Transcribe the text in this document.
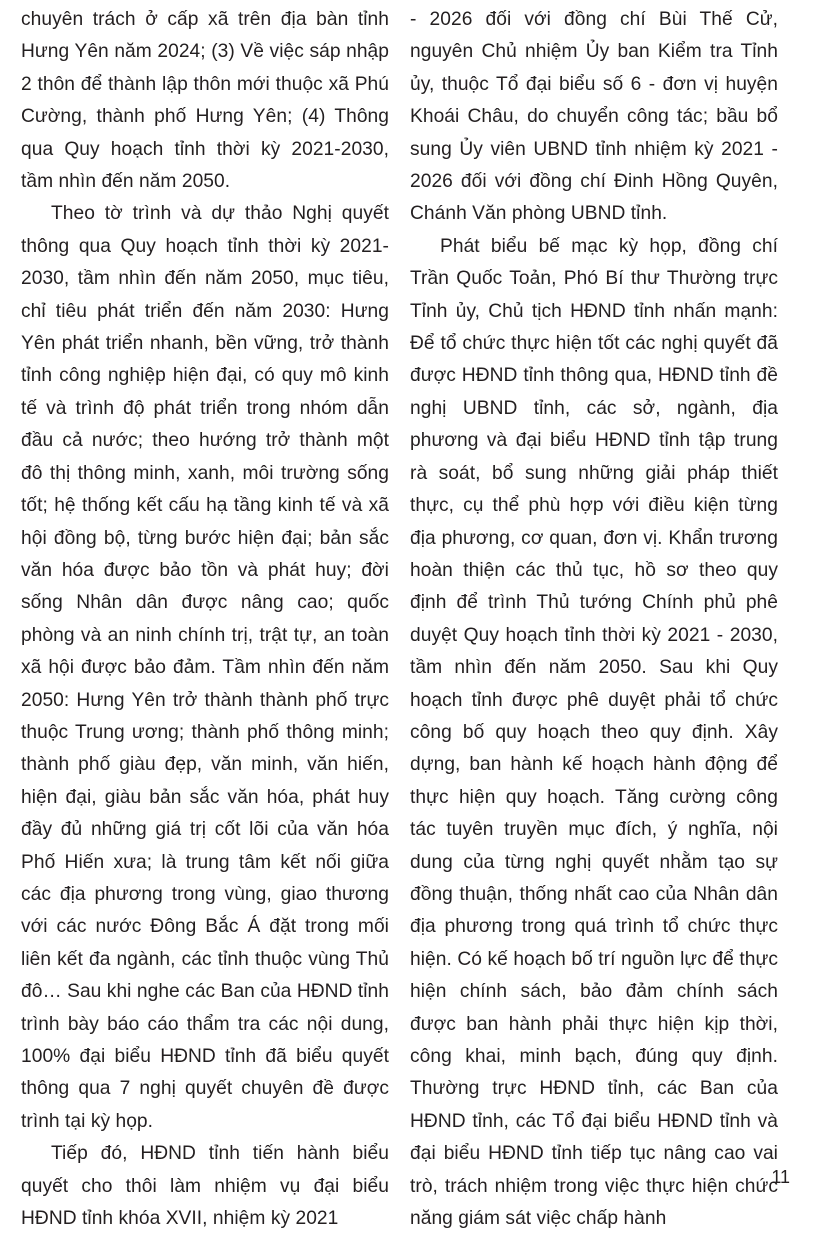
chuyên trách ở cấp xã trên địa bàn tỉnh Hưng Yên năm 2024; (3) Về việc sáp nhập 2 thôn để thành lập thôn mới thuộc xã Phú Cường, thành phố Hưng Yên; (4) Thông qua Quy hoạch tỉnh thời kỳ 2021-2030, tầm nhìn đến năm 2050.

Theo tờ trình và dự thảo Nghị quyết thông qua Quy hoạch tỉnh thời kỳ 2021-2030, tầm nhìn đến năm 2050, mục tiêu, chỉ tiêu phát triển đến năm 2030: Hưng Yên phát triển nhanh, bền vững, trở thành tỉnh công nghiệp hiện đại, có quy mô kinh tế và trình độ phát triển trong nhóm dẫn đầu cả nước; theo hướng trở thành một đô thị thông minh, xanh, môi trường sống tốt; hệ thống kết cấu hạ tầng kinh tế và xã hội đồng bộ, từng bước hiện đại; bản sắc văn hóa được bảo tồn và phát huy; đời sống Nhân dân được nâng cao; quốc phòng và an ninh chính trị, trật tự, an toàn xã hội được bảo đảm. Tầm nhìn đến năm 2050: Hưng Yên trở thành thành phố trực thuộc Trung ương; thành phố thông minh; thành phố giàu đẹp, văn minh, văn hiến, hiện đại, giàu bản sắc văn hóa, phát huy đầy đủ những giá trị cốt lõi của văn hóa Phố Hiến xưa; là trung tâm kết nối giữa các địa phương trong vùng, giao thương với các nước Đông Bắc Á đặt trong mối liên kết đa ngành, các tỉnh thuộc vùng Thủ đô… Sau khi nghe các Ban của HĐND tỉnh trình bày báo cáo thẩm tra các nội dung, 100% đại biểu HĐND tỉnh đã biểu quyết thông qua 7 nghị quyết chuyên đề được trình tại kỳ họp.

Tiếp đó, HĐND tỉnh tiến hành biểu quyết cho thôi làm nhiệm vụ đại biểu HĐND tỉnh khóa XVII, nhiệm kỳ 2021

- 2026 đối với đồng chí Bùi Thế Cử, nguyên Chủ nhiệm Ủy ban Kiểm tra Tỉnh ủy, thuộc Tổ đại biểu số 6 - đơn vị huyện Khoái Châu, do chuyển công tác; bầu bổ sung Ủy viên UBND tỉnh nhiệm kỳ 2021 - 2026 đối với đồng chí Đinh Hồng Quyên, Chánh Văn phòng UBND tỉnh.

Phát biểu bế mạc kỳ họp, đồng chí Trần Quốc Toản, Phó Bí thư Thường trực Tỉnh ủy, Chủ tịch HĐND tỉnh nhấn mạnh: Để tổ chức thực hiện tốt các nghị quyết đã được HĐND tỉnh thông qua, HĐND tỉnh đề nghị UBND tỉnh, các sở, ngành, địa phương và đại biểu HĐND tỉnh tập trung rà soát, bổ sung những giải pháp thiết thực, cụ thể phù hợp với điều kiện từng địa phương, cơ quan, đơn vị. Khẩn trương hoàn thiện các thủ tục, hồ sơ theo quy định để trình Thủ tướng Chính phủ phê duyệt Quy hoạch tỉnh thời kỳ 2021 - 2030, tầm nhìn đến năm 2050. Sau khi Quy hoạch tỉnh được phê duyệt phải tổ chức công bố quy hoạch theo quy định. Xây dựng, ban hành kế hoạch hành động để thực hiện quy hoạch. Tăng cường công tác tuyên truyền mục đích, ý nghĩa, nội dung của từng nghị quyết nhằm tạo sự đồng thuận, thống nhất cao của Nhân dân địa phương trong quá trình tổ chức thực hiện. Có kế hoạch bố trí nguồn lực để thực hiện chính sách, bảo đảm chính sách được ban hành phải thực hiện kịp thời, công khai, minh bạch, đúng quy định. Thường trực HĐND tỉnh, các Ban của HĐND tỉnh, các Tổ đại biểu HĐND tỉnh và đại biểu HĐND tỉnh tiếp tục nâng cao vai trò, trách nhiệm trong việc thực hiện chức năng giám sát việc chấp hành

11
